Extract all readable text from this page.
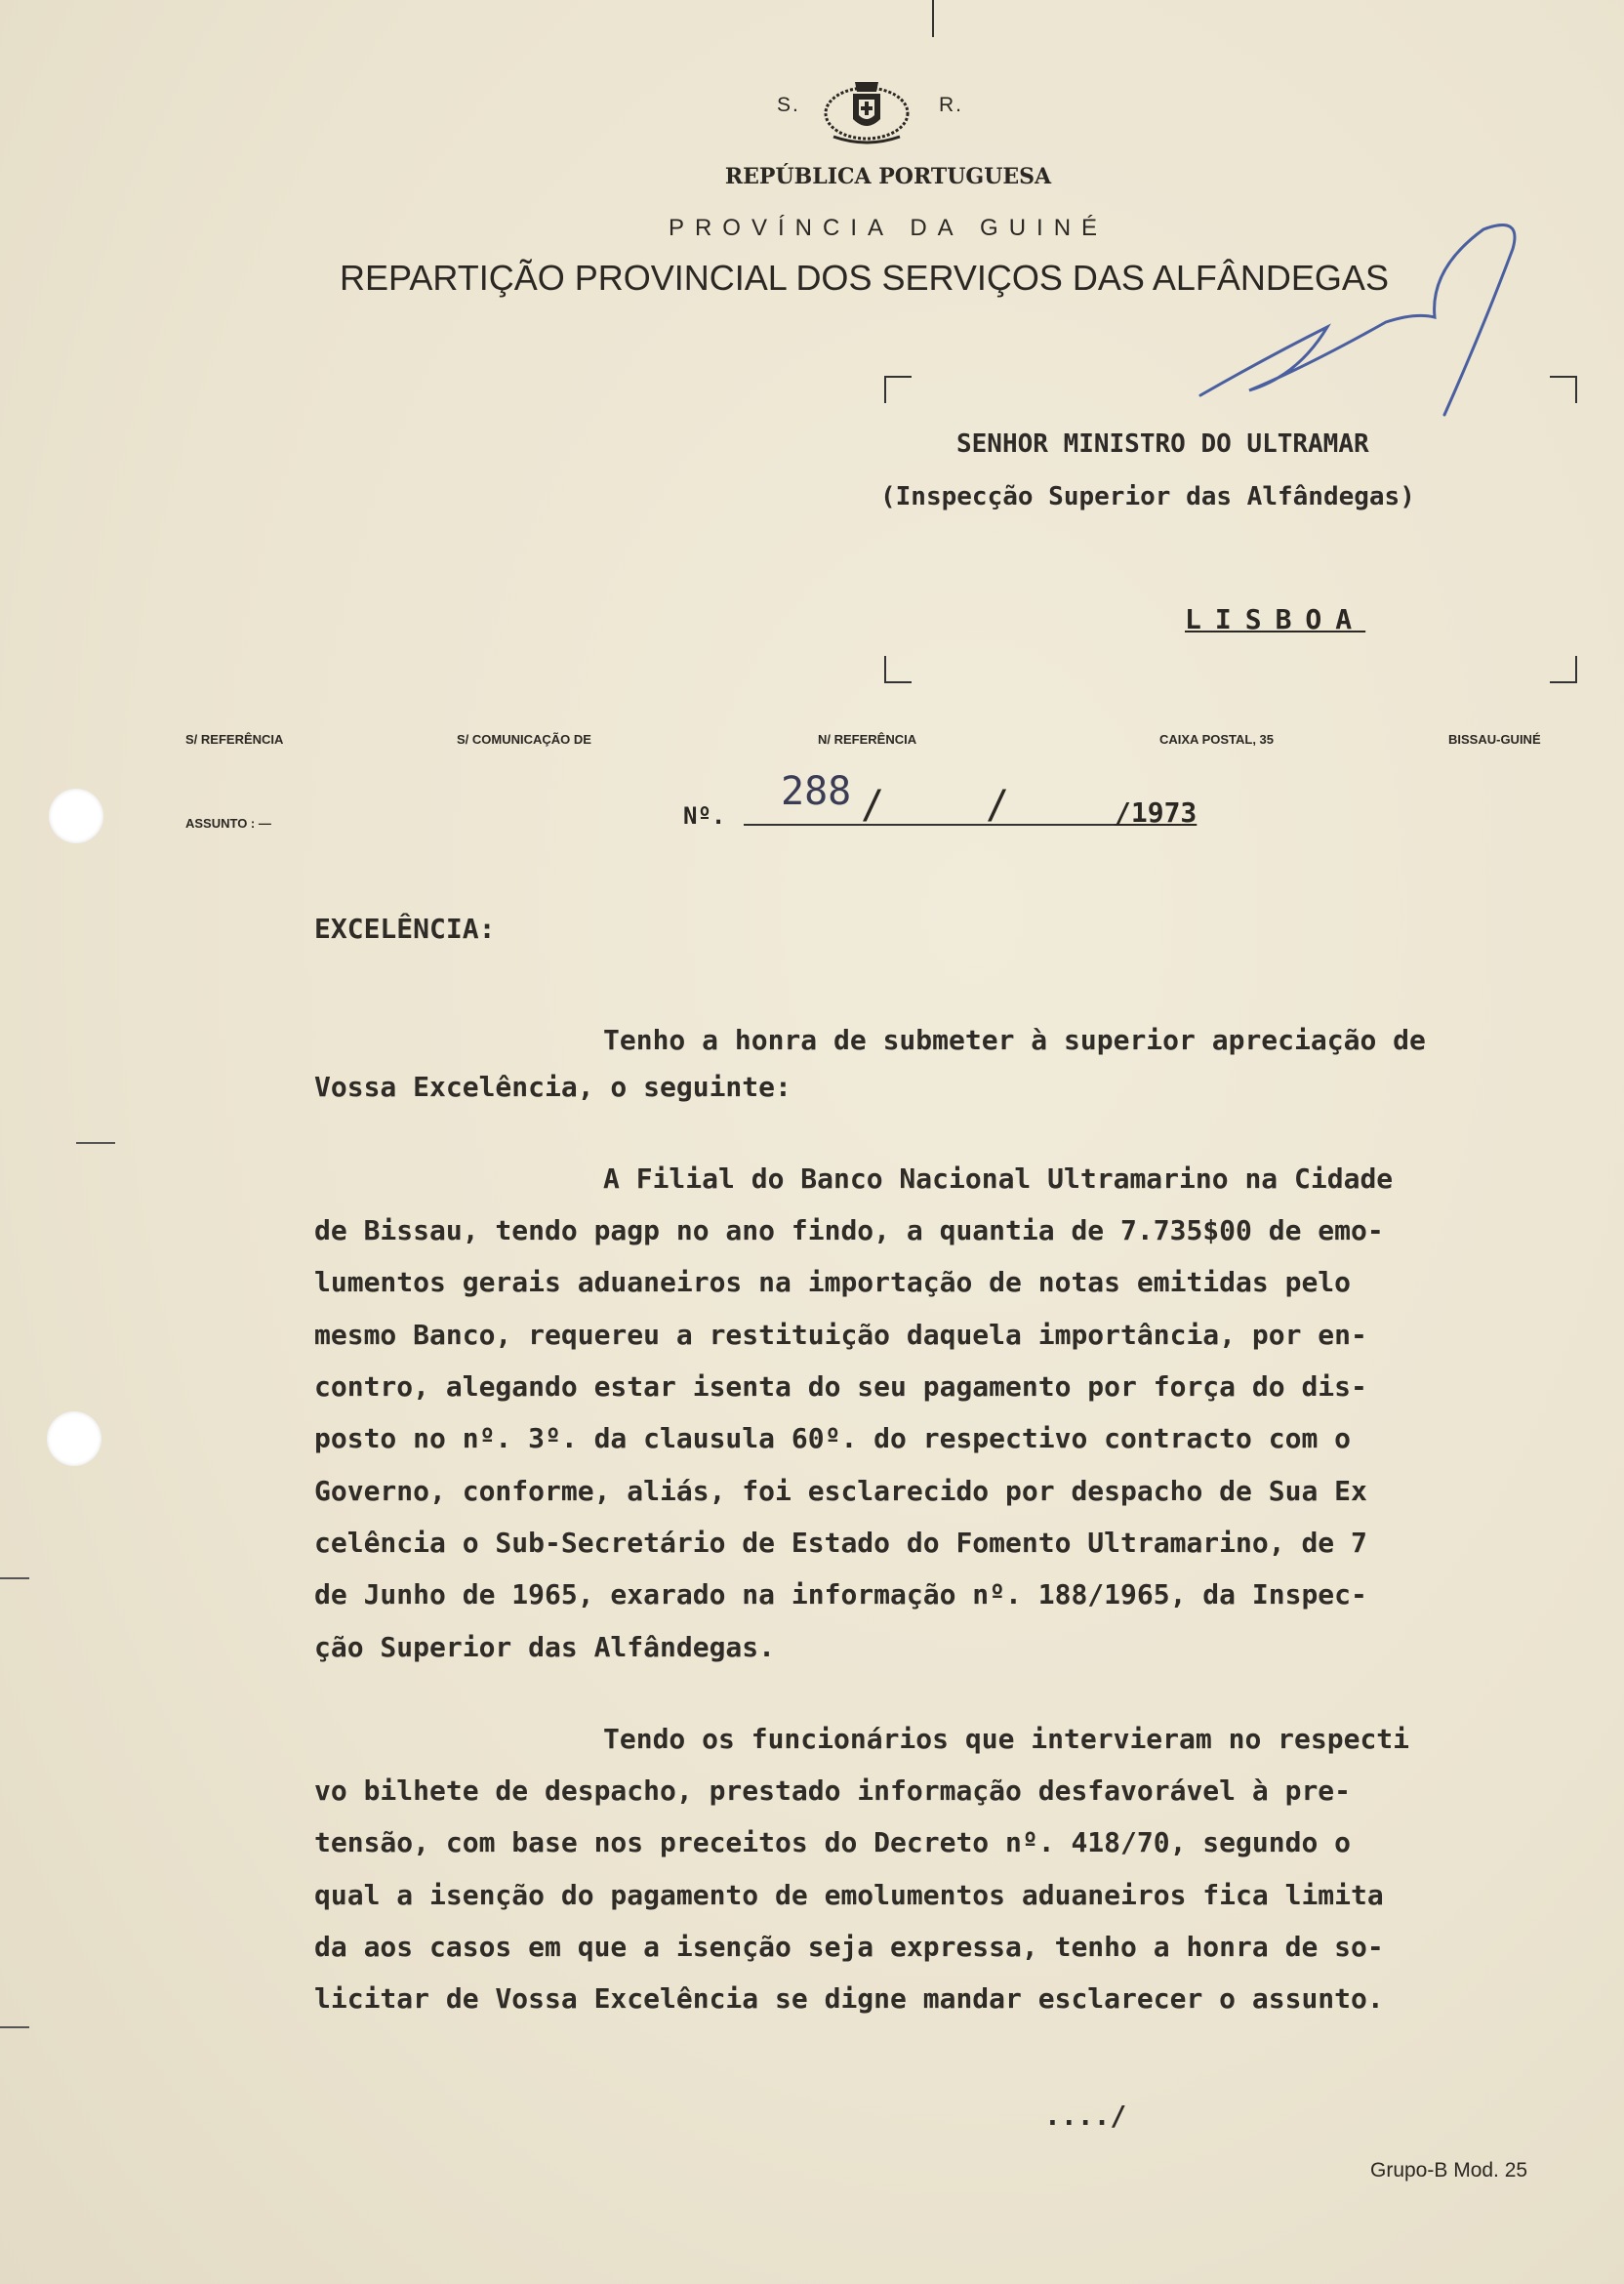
S.	R.
REPÚBLICA PORTUGUESA
PROVÍNCIA DA GUINÉ
REPARTIÇÃO PROVINCIAL DOS SERVIÇOS DAS ALFÂNDEGAS
SENHOR MINISTRO DO ULTRAMAR
(Inspecção Superior das Alfândegas)
LISBOA
S/ REFERÊNCIA	S/ COMUNICAÇÃO DE	N/ REFERÊNCIA	CAIXA POSTAL, 35	BISSAU-GUINÉ
ASSUNTO : —	Nº.
288 /	/	/1973
EXCELÊNCIA:
Tenho a honra de submeter à superior apreciação de
Vossa Excelência, o seguinte:
A Filial do Banco Nacional Ultramarino na Cidade
de Bissau, tendo pagp no ano findo, a quantia de 7.735$00 de emo-
lumentos gerais aduaneiros na importação de notas emitidas pelo
mesmo Banco, requereu a restituição daquela importância, por en-
contro, alegando estar isenta do seu pagamento por força do dis-
posto no nº. 3º. da clausula 60º. do respectivo contracto com o
Governo, conforme, aliás, foi esclarecido por despacho de Sua Ex
celência o Sub-Secretário de Estado do Fomento Ultramarino, de 7
de Junho de 1965, exarado na informação nº. 188/1965, da Inspec-
ção Superior das Alfândegas.
Tendo os funcionários que intervieram no respecti
vo bilhete de despacho, prestado informação desfavorável à pre-
tensão, com base nos preceitos do Decreto nº. 418/70, segundo o
qual a isenção do pagamento de emolumentos aduaneiros fica limita
da aos casos em que a isenção seja expressa, tenho a honra de so-
licitar de Vossa Excelência se digne mandar esclarecer o assunto.
..../
Grupo-B Mod. 25
